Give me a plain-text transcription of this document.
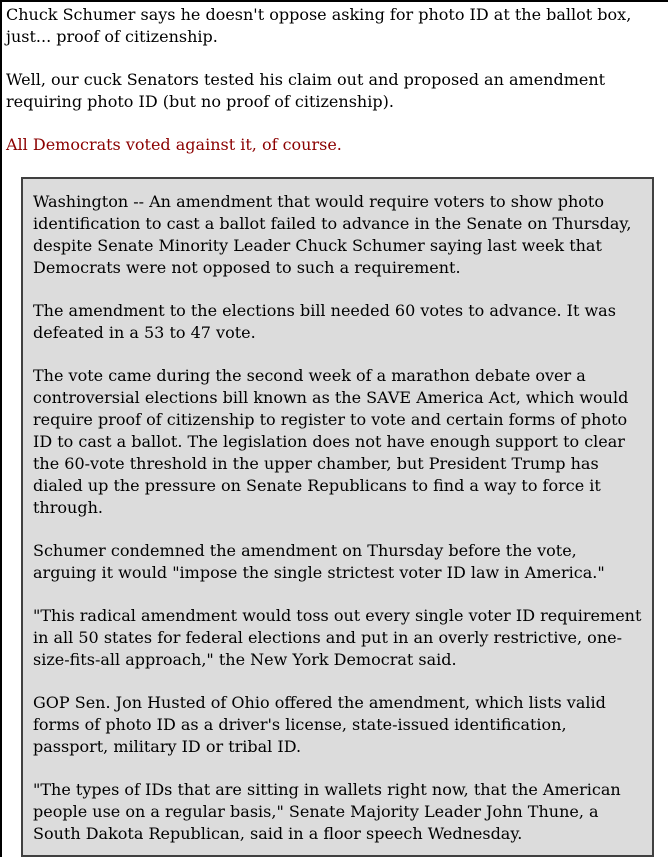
Chuck Schumer says he doesn't oppose asking for photo ID at the ballot box, just... proof of citizenship.

Well, our cuck Senators tested his claim out and proposed an amendment requiring photo ID (but no proof of citizenship).

All Democrats voted against it, of course.

Washington -- An amendment that would require voters to show photo identification to cast a ballot failed to advance in the Senate on Thursday, despite Senate Minority Leader Chuck Schumer saying last week that Democrats were not opposed to such a requirement.

The amendment to the elections bill needed 60 votes to advance. It was defeated in a 53 to 47 vote.

The vote came during the second week of a marathon debate over a controversial elections bill known as the SAVE America Act, which would require proof of citizenship to register to vote and certain forms of photo ID to cast a ballot. The legislation does not have enough support to clear the 60-vote threshold in the upper chamber, but President Trump has dialed up the pressure on Senate Republicans to find a way to force it through.

Schumer condemned the amendment on Thursday before the vote, arguing it would "impose the single strictest voter ID law in America."

"This radical amendment would toss out every single voter ID requirement in all 50 states for federal elections and put in an overly restrictive, one-size-fits-all approach," the New York Democrat said.

GOP Sen. Jon Husted of Ohio offered the amendment, which lists valid forms of photo ID as a driver's license, state-issued identification, passport, military ID or tribal ID.

"The types of IDs that are sitting in wallets right now, that the American people use on a regular basis," Senate Majority Leader John Thune, a South Dakota Republican, said in a floor speech Wednesday.
